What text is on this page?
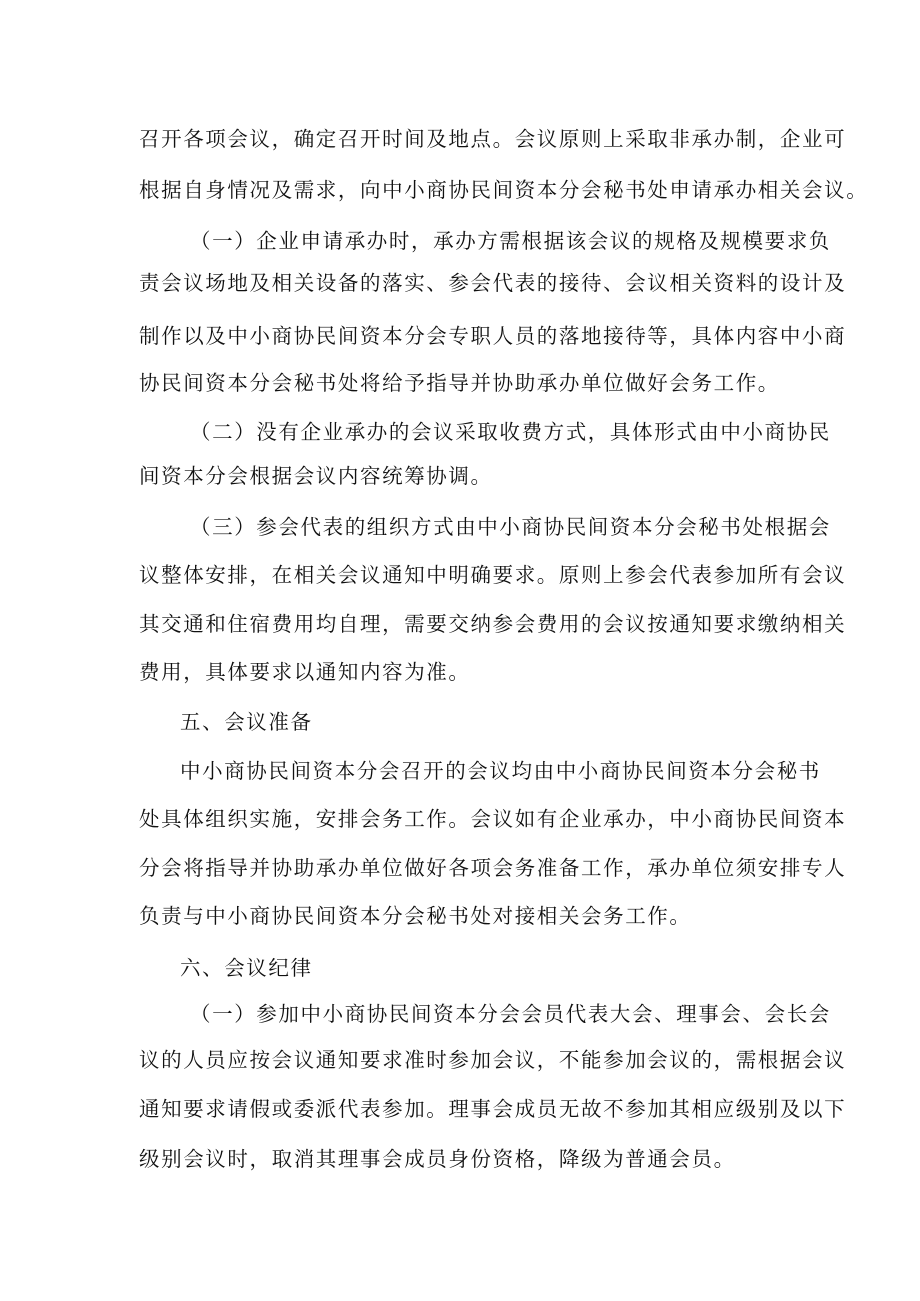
召开各项会议，确定召开时间及地点。会议原则上采取非承办制，企业可
根据自身情况及需求，向中小商协民间资本分会秘书处申请承办相关会议。
（一）企业申请承办时，承办方需根据该会议的规格及规模要求负
责会议场地及相关设备的落实、参会代表的接待、会议相关资料的设计及
制作以及中小商协民间资本分会专职人员的落地接待等，具体内容中小商
协民间资本分会秘书处将给予指导并协助承办单位做好会务工作。
（二）没有企业承办的会议采取收费方式，具体形式由中小商协民
间资本分会根据会议内容统筹协调。
（三）参会代表的组织方式由中小商协民间资本分会秘书处根据会
议整体安排，在相关会议通知中明确要求。原则上参会代表参加所有会议
其交通和住宿费用均自理，需要交纳参会费用的会议按通知要求缴纳相关
费用，具体要求以通知内容为准。
五、会议准备
中小商协民间资本分会召开的会议均由中小商协民间资本分会秘书
处具体组织实施，安排会务工作。会议如有企业承办，中小商协民间资本
分会将指导并协助承办单位做好各项会务准备工作，承办单位须安排专人
负责与中小商协民间资本分会秘书处对接相关会务工作。
六、会议纪律
（一）参加中小商协民间资本分会会员代表大会、理事会、会长会
议的人员应按会议通知要求准时参加会议，不能参加会议的，需根据会议
通知要求请假或委派代表参加。理事会成员无故不参加其相应级别及以下
级别会议时，取消其理事会成员身份资格，降级为普通会员。
